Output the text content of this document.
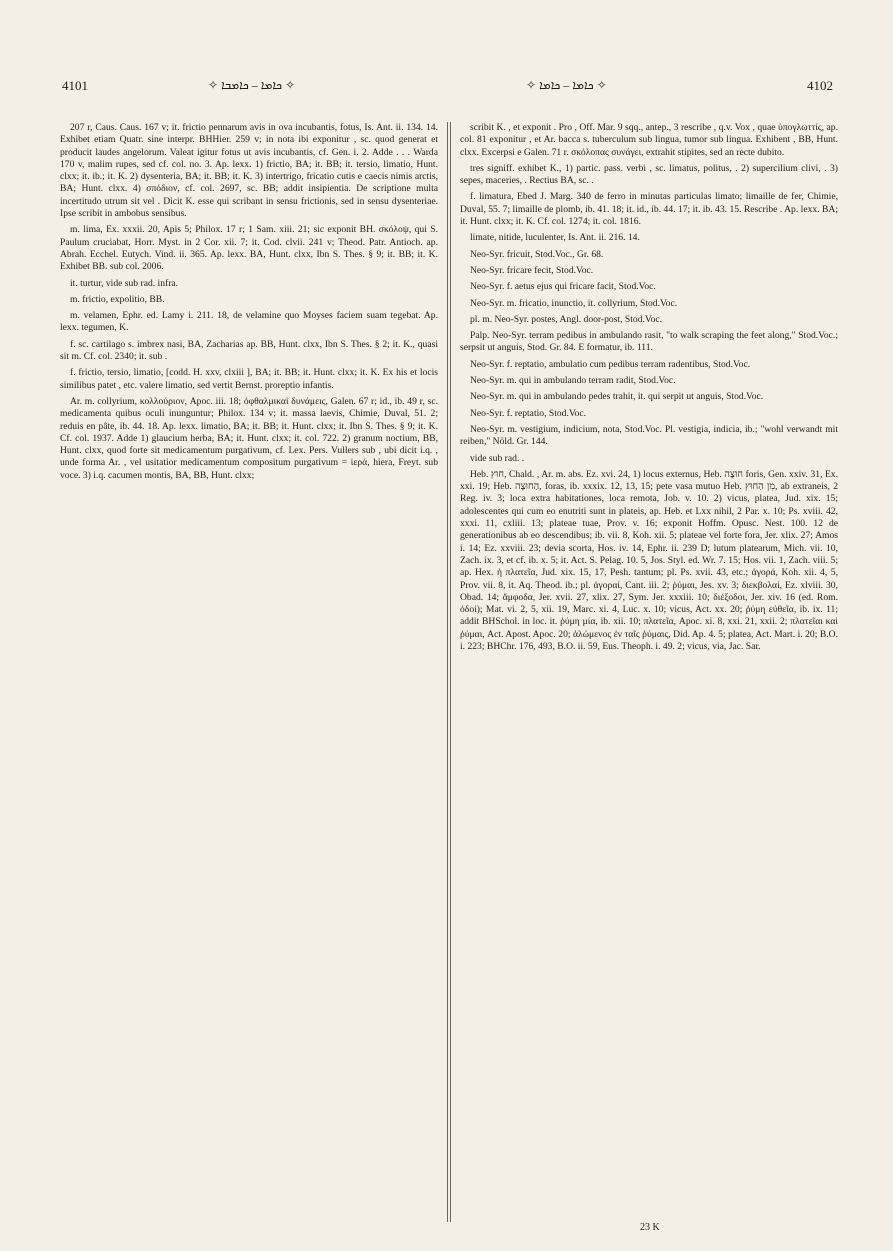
4101	✧ ܟܐܡܐ – ܟܐܡܒܐ ✧	✧ ܟܐܡܐ – ܟܐܡܐ ✧	4102

207 r, Caus. Caus. 167 v; it. frictio pennarum avis in ova incubantis, fotus, Is. Ant. ii. 134. 14. Exhibet etiam Quatr. sine interpr. BHHier. 259 v; in nota ibi exponitur , sc. quod generat et producit laudes angelorum. Valeat igitur fotus ut avis incubantis, cf. Gen. i. 2. Adde . . . Warda 170 v, malim rupes, sed cf. col. no. 3. Ap. lexx. 1) frictio, BA; it. BB; it. tersio, limatio, Hunt. clxx; it. ib.; it. K. 2) dysenteria, BA; it. BB; it. K. 3) intertrigo, fricatio cutis e caecis nimis arctis, BA; Hunt. clxx. 4) σπόδιον, cf. col. 2697, sc. BB; addit insipientia. De scriptione multa incertitudo utrum sit vel . Dicit K. esse qui scribant in sensu frictionis, sed in sensu dysenteriae. Ipse scribit in ambobus sensibus.

m. lima, Ex. xxxii. 20, Apis 5; Philox. 17 r; 1 Sam. xiii. 21; sic exponit BH. σκόλοψ, qui S. Paulum cruciabat, Horr. Myst. in 2 Cor. xii. 7; it. Cod. clvii. 241 v; Theod. Patr. Antioch. ap. Abrah. Ecchel. Eutych. Vind. ii. 365. Ap. lexx. BA, Hunt. clxx, Ibn S. Thes. § 9; it. BB; it. K. Exhibet BB. sub col. 2006.

it. turtur, vide sub rad. infra.

m. frictio, expolitio, BB.

m. velamen, Ephr. ed. Lamy i. 211. 18, de velamine quo Moyses faciem suam tegebat. Ap. lexx. tegumen, K.

f. sc. cartilago s. imbrex nasi, BA, Zacharias ap. BB, Hunt. clxx, Ibn S. Thes. § 2; it. K., quasi sit m. Cf. col. 2340; it. sub .

f. frictio, tersio, limatio, [codd. H. xxv, clxiii ], BA; it. BB; it. Hunt. clxx; it. K. Ex his et locis similibus patet , etc. valere limatio, sed vertit Bernst. proreptio infantis.

Ar. m. collyrium, κολλούριον, Apoc. iii. 18; ὀφθαλμικαὶ δυνάμεις, Galen. 67 r; id., ib. 49 r, sc. medicamenta quibus oculi inunguntur; Philox. 134 v; it. massa laevis, Chimie, Duval, 51. 2; reduis en pâte, ib. 44. 18. Ap. lexx. limatio, BA; it. BB; it. Hunt. clxx; it. Ibn S. Thes. § 9; it. K. Cf. col. 1937. Adde 1) glaucium herba, BA; it. Hunt. clxx; it. col. 722. 2) granum noctium, BB, Hunt. clxx, quod forte sit medicamentum purgativum, cf. Lex. Pers. Vullers sub , ubi dicit i.q. , unde forma Ar. , vel usitatior medicamentum compositum purgativum = ἱερά, hiera, Freyt. sub voce. 3) i.q. cacumen montis, BA, BB, Hunt. clxx;

scribit K. , et exponit . Pro , Off. Mar. 9 sqq., antep., 3 rescribe , q.v. Vox , quae ὑπογλωττίς, ap. col. 81 exponitur , et Ar. bacca s. tuberculum sub lingua, tumor sub lingua. Exhibent , BB, Hunt. clxx. Excerpsi e Galen. 71 r. σκόλοπας συνάγει, extrahit stipites, sed an recte dubito.

tres signiff. exhibet K., 1) partic. pass. verbi , sc. limatus, politus, . 2) supercilium clivi, . 3) sepes, maceries, . Rectius BA, sc. .

f. limatura, Ebed J. Marg. 340 de ferro in minutas particulas limato; limaille de fer, Chimie, Duval, 55. 7; limaille de plomb, ib. 41. 18; it. id., ib. 44. 17; it. ib. 43. 15. Rescribe . Ap. lexx. BA; it. Hunt. clxx; it. K. Cf. col. 1274; it. col. 1816.

limate, nitide, luculenter, Is. Ant. ii. 216. 14.

Neo-Syr. fricuit, Stod.Voc., Gr. 68.

Neo-Syr. fricare fecit, Stod.Voc.

Neo-Syr. f. aetus ejus qui fricare facit, Stod.Voc.

Neo-Syr. m. fricatio, inunctio, it. collyrium, Stod.Voc.

pl. m. Neo-Syr. postes, Angl. door-post, Stod.Voc.

Palp. Neo-Syr. terram pedibus in ambulando rasit, "to walk scraping the feet along," Stod.Voc.; serpsit ut anguis, Stod. Gr. 84. E formatur, ib. 111.

Neo-Syr. f. reptatio, ambulatio cum pedibus terram radentibus, Stod.Voc.

Neo-Syr. m. qui in ambulando terram radit, Stod.Voc.

Neo-Syr. m. qui in ambulando pedes trahit, it. qui serpit ut anguis, Stod.Voc.

Neo-Syr. f. reptatio, Stod.Voc.

Neo-Syr. m. vestigium, indicium, nota, Stod.Voc. Pl. vestigia, indicia, ib.; "wohl verwandt mit reiben," Nöld. Gr. 144.

vide sub rad. .

Heb. חוּץ, Chald. ‎, Ar. m. abs. Ez. xvi. 24, 1) locus externus, Heb. חוּצָה foris, Gen. xxiv. 31, Ex. xxi. 19; Heb. הַחוּצָה, foras, ib. xxxix. 12, 13, 15; pete vasa mutuo Heb. מִן הַחוּץ, ab extraneis, 2 Reg. iv. 3; loca extra habitationes, loca remota, Job. v. 10. 2) vicus, platea, Jud. xix. 15; adolescentes qui cum eo enutriti sunt in plateis, ap. Heb. et Lxx nihil, 2 Par. x. 10; Ps. xviii. 42, xxxi. 11, cxliii. 13; plateae tuae, Prov. v. 16; exponit Hoffm. Opusc. Nest. 100. 12 de generationibus ab eo descendibus; ib. vii. 8, Koh. xii. 5; plateae vel forte fora, Jer. xlix. 27; Amos i. 14; Ez. xxviii. 23; devia scorta, Hos. iv. 14, Ephr. ii. 239 D; lutum platearum, Mich. vii. 10, Zach. ix. 3, et cf. ib. x. 5; it. Act. S. Pelag. 10. 5, Jos. Styl. ed. Wr. 7. 15; Hos. vii. 1, Zach. viii. 5; ap. Hex. ἡ πλατεῖα, Jud. xix. 15, 17, Pesh. tantum; pl. Ps. xvii. 43, etc.; ἀγορά, Koh. xii. 4, 5, Prov. vii. 8, it. Aq. Theod. ib.; pl. ἀγοραί, Cant. iii. 2; ῥύμαι, Jes. xv. 3; διεκβολαί, Ez. xlviii. 30, Obad. 14; ἄμφοδα, Jer. xvii. 27, xlix. 27, Sym. Jer. xxxiii. 10; διέξοδοι, Jer. xiv. 16 (ed. Rom. ὁδοί); Mat. vi. 2, 5, xii. 19, Marc. xi. 4, Luc. x. 10; vicus, Act. xx. 20; ῥύμη εὐθεῖα, ib. ix. 11; addit BHSchol. in loc. it. ῥύμη μία, ib. xii. 10; πλατεῖα, Apoc. xi. 8, xxi. 21, xxii. 2; πλατεῖαι καὶ ῥύμαι, Act. Apost. Apoc. 20; ἀλώμενος ἐν ταῖς ῥύμαις, Did. Ap. 4. 5; platea, Act. Mart. i. 20; B.O. i. 223; BHChr. 176, 493, B.O. ii. 59, Eus. Theoph. i. 49. 2; vicus, via, Jac. Sar.

23 K
